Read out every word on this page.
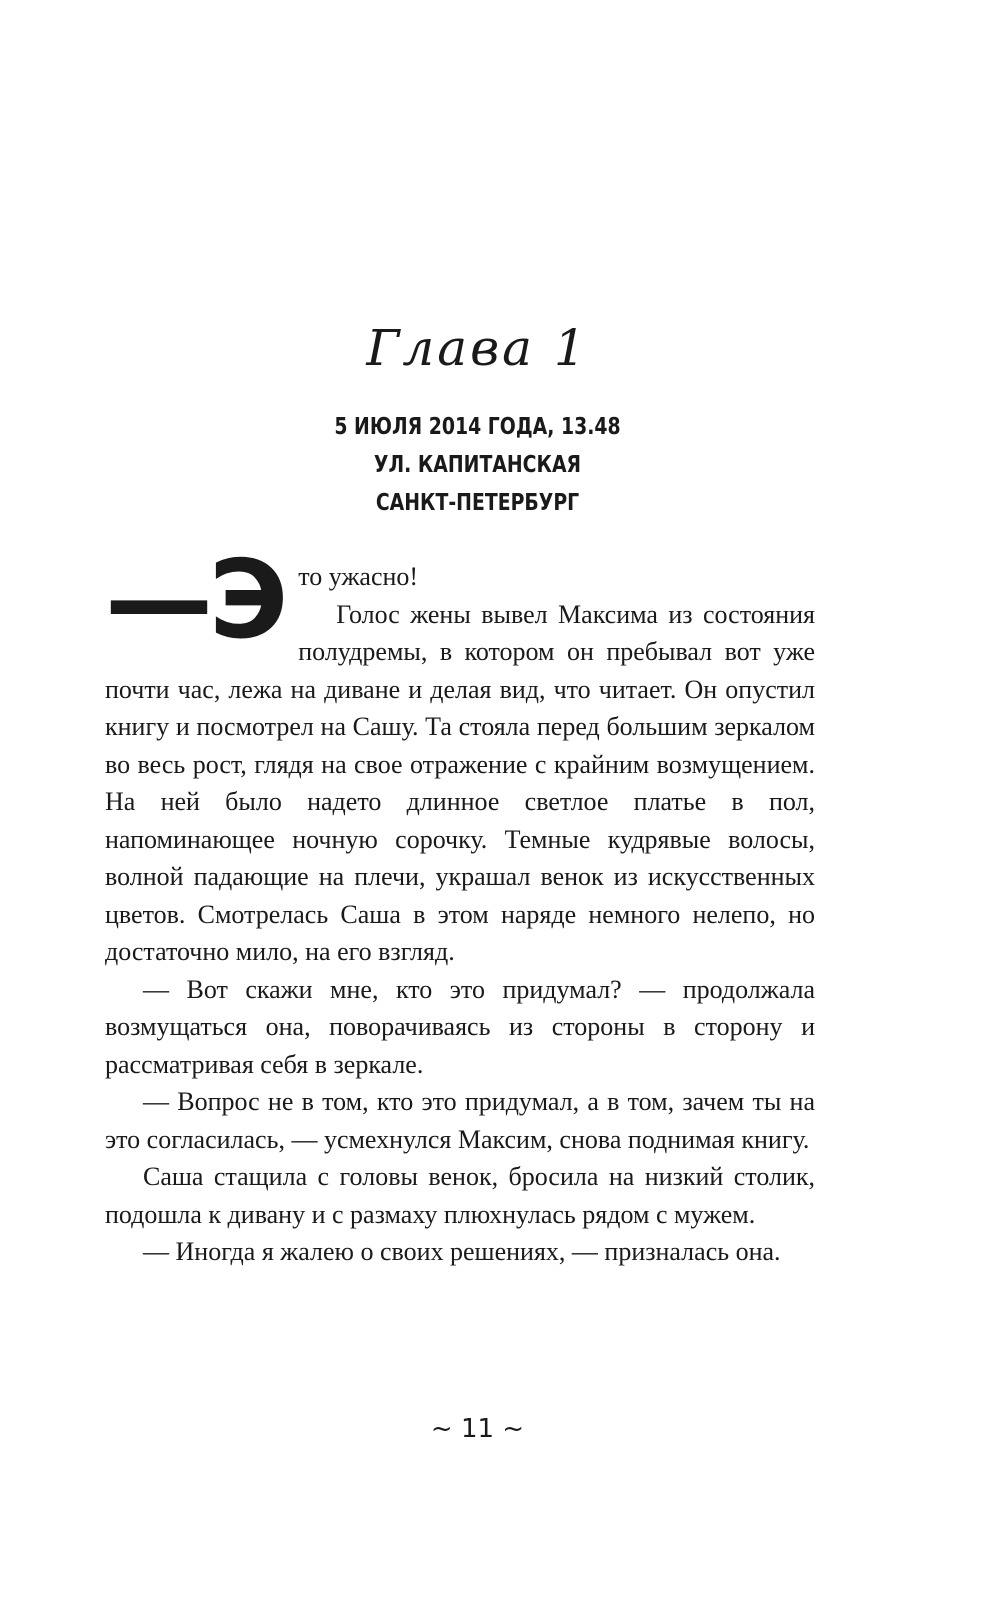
Глава 1
5 ИЮЛЯ 2014 ГОДА, 13.48
УЛ. КАПИТАНСКАЯ
САНКТ-ПЕТЕРБУРГ

—Э то ужасно!

Голос жены вывел Максима из состояния полудремы, в котором он пребывал вот уже почти час, лежа на диване и делая вид, что читает. Он опустил книгу и посмотрел на Сашу. Та стояла перед большим зеркалом во весь рост, глядя на свое отражение с крайним возмущением. На ней было надето длинное светлое платье в пол, напоминающее ночную сорочку. Темные кудрявые волосы, волной падающие на плечи, украшал венок из искусственных цветов. Смотрелась Саша в этом наряде немного нелепо, но достаточно мило, на его взгляд.

— Вот скажи мне, кто это придумал? — продолжала возмущаться она, поворачиваясь из стороны в сторону и рассматривая себя в зеркале.

— Вопрос не в том, кто это придумал, а в том, зачем ты на это согласилась, — усмехнулся Максим, снова поднимая книгу.

Саша стащила с головы венок, бросила на низкий столик, подошла к дивану и с размаху плюхнулась рядом с мужем.

— Иногда я жалею о своих решениях, — призналась она.

~ 11 ~
